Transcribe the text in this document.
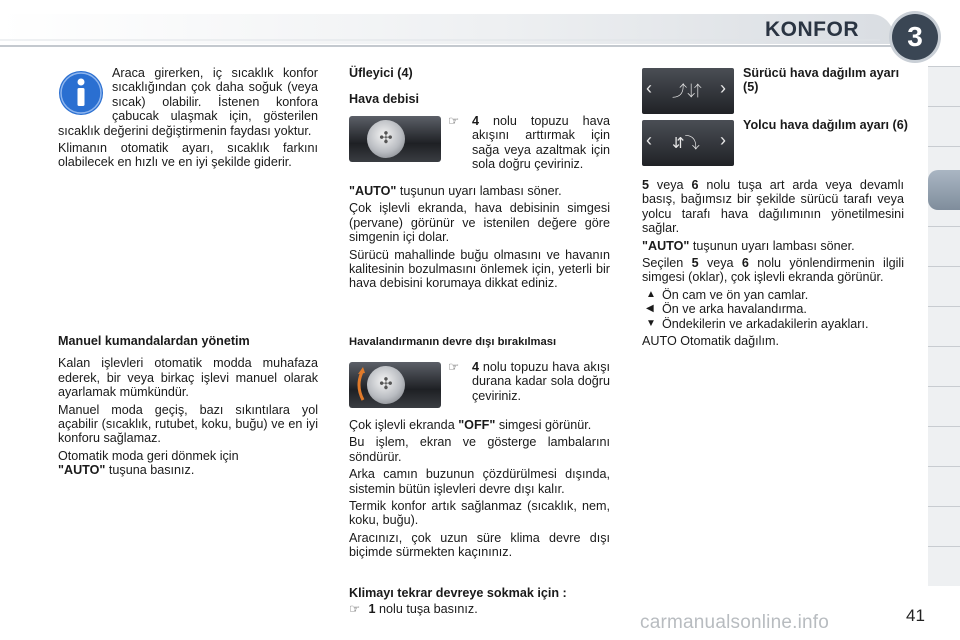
KONFOR	3

Araca girerken, iç sıcaklık konfor sıcaklığından çok daha soğuk (veya sıcak) olabilir. İstenen konfora çabucak ulaşmak için, gösterilen sıcaklık değerini değiştirmenin faydası yoktur.

Klimanın otomatik ayarı, sıcaklık farkını olabilecek en hızlı ve en iyi şekilde giderir.

Manuel kumandalardan yönetim

Kalan işlevleri otomatik modda muhafaza ederek, bir veya birkaç işlevi manuel olarak ayarlamak mümkündür.

Manuel moda geçiş, bazı sıkıntılara yol açabilir (sıcaklık, rutubet, koku, buğu) ve en iyi konforu sağlamaz.

Otomatik moda geri dönmek için
"AUTO" tuşuna basınız.

Üfleyici (4)
Hava debisi
✣
☞	4 nolu topuzu hava akışını arttırmak için sağa veya azaltmak için sola doğru çeviriniz.

"AUTO" tuşunun uyarı lambası söner.

Çok işlevli ekranda, hava debisinin simgesi (pervane) görünür ve istenilen değere göre simgenin içi dolar.

Sürücü mahallinde buğu olmasını ve havanın kalitesinin bozulmasını önlemek için, yeterli bir hava debisini korumaya dikkat ediniz.

Havalandırmanın devre dışı bırakılması
✣
☞	4 nolu topuzu hava akışı durana kadar sola doğru çeviriniz.

Çok işlevli ekranda "OFF" simgesi görünür.

Bu işlem, ekran ve gösterge lambalarını söndürür.

Arka camın buzunun çözdürülmesi dışında, sistemin bütün işlevleri devre dışı kalır.

Termik konfor artık sağlanmaz (sıcaklık, nem, koku, buğu).

Aracınızı, çok uzun süre klima devre dışı biçimde sürmekten kaçınınız.

Klimayı tekrar devreye sokmak için :
☞ 1 nolu tuşa basınız.
‹ ⤴⇵ ›
Sürücü hava dağılım ayarı (5)
‹ ⇵⤵ ›
Yolcu hava dağılım ayarı (6)

5 veya 6 nolu tuşa art arda veya devamlı basış, bağımsız bir şekilde sürücü tarafı veya yolcu tarafı hava dağılımının yönetilmesini sağlar.

"AUTO" tuşunun uyarı lambası söner.

Seçilen 5 veya 6 nolu yönlendirmenin ilgili simgesi (oklar), çok işlevli ekranda görünür.

▲ Ön cam ve ön yan camlar.
◀ Ön ve arka havalandırma.
▼ Öndekilerin ve arkadakilerin ayakları.

AUTO Otomatik dağılım.

carmanualsonline.info	41
